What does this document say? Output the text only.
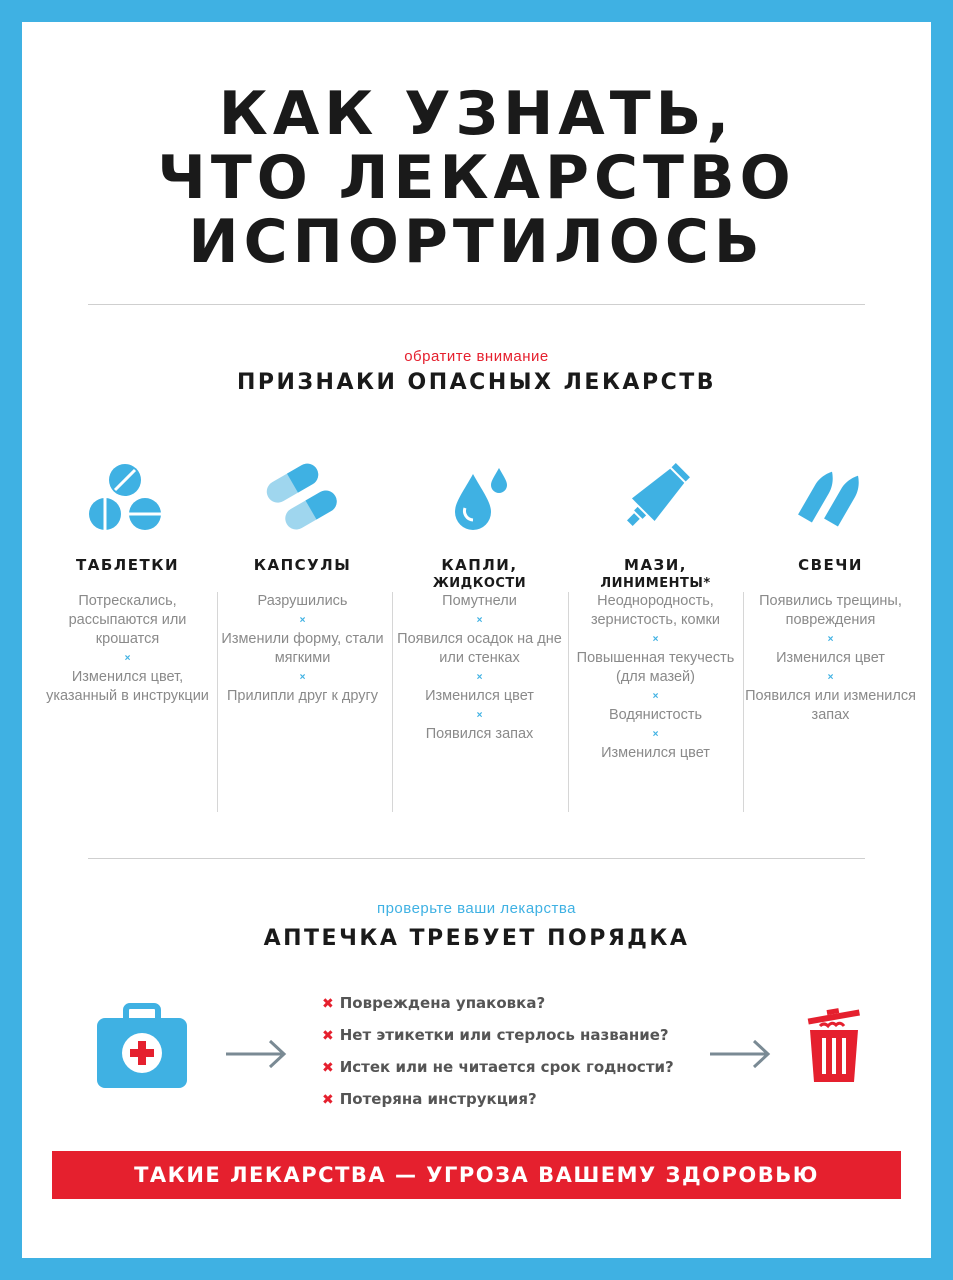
КАК УЗНАТЬ,
ЧТО ЛЕКАРСТВО
ИСПОРТИЛОСЬ
обратите внимание
ПРИЗНАКИ ОПАСНЫХ ЛЕКАРСТВ
ТАБЛЕТКИ	КАПСУЛЫ	КАПЛИ,
ЖИДКОСТИ
МАЗИ,
ЛИНИМЕНТЫ*
СВЕЧИ
Потрескались, рассыпаются или крошатся
×
Изменился цвет, указанный в инструкции
Разрушились
×
Изменили форму, стали мягкими
×
Прилипли друг к другу
Помутнели
×
Появился осадок на дне или стенках
×
Изменился цвет
×
Появился запах
Неоднородность, зернистость, комки
×
Повышенная текучесть (для мазей)
×
Водянистость
×
Изменился цвет
Появились трещины, повреждения
×
Изменился цвет
×
Появился или изменился запах
проверьте ваши лекарства
АПТЕЧКА ТРЕБУЕТ ПОРЯДКА
✖ Повреждена упаковка?
✖ Нет этикетки или стерлось название?
✖ Истек или не читается срок годности?
✖ Потеряна инструкция?
ТАКИЕ ЛЕКАРСТВА — УГРОЗА ВАШЕМУ ЗДОРОВЬЮ
